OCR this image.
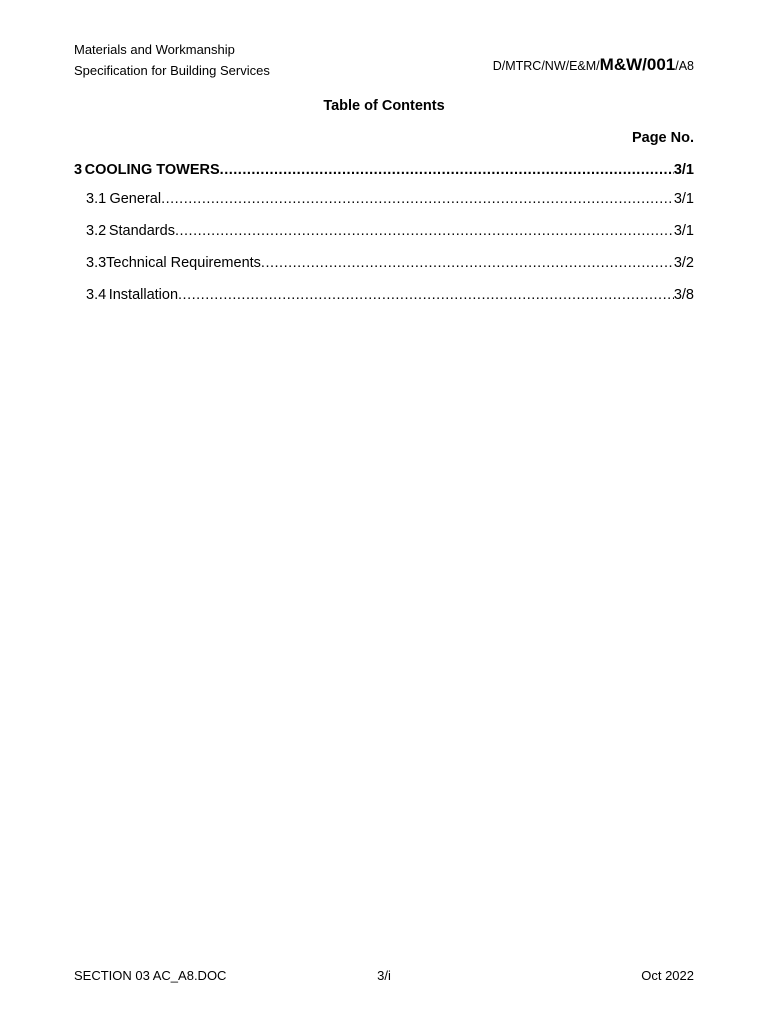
Materials and Workmanship
Specification for Building Services	D/MTRC/NW/E&M/M&W/001/A8
Table of Contents
Page No.
3 COOLING TOWERS .....	3/1
3.1 General .....	3/1
3.2 Standards .....	3/1
3.3 Technical Requirements .....	3/2
3.4 Installation .....	3/8
SECTION 03 AC_A8.DOC	3/i	Oct 2022
